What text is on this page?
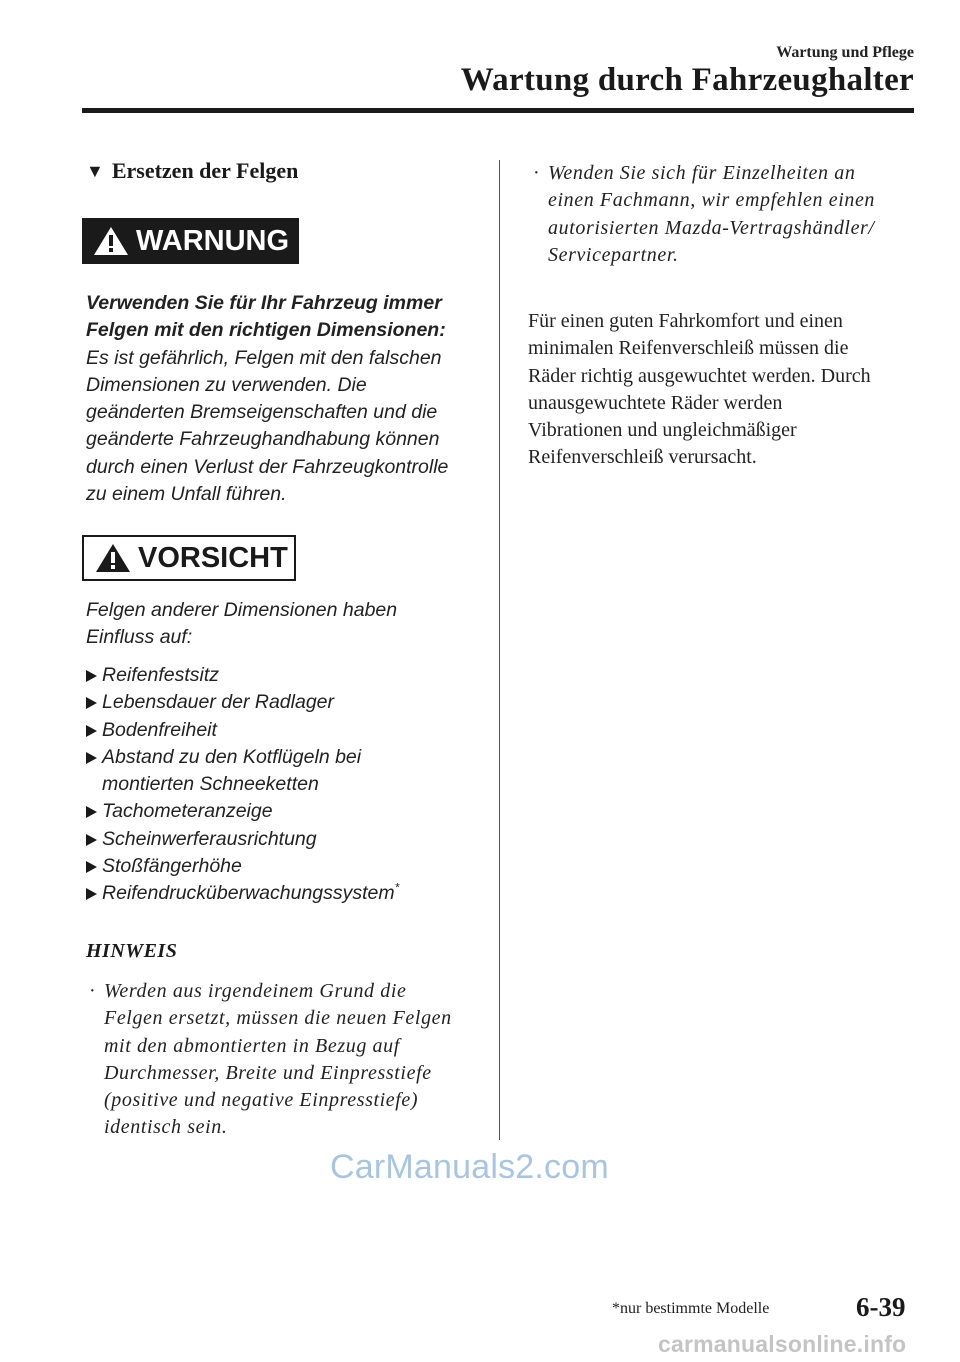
Wartung und Pflege
Wartung durch Fahrzeughalter
▼ Ersetzen der Felgen
WARNUNG
Verwenden Sie für Ihr Fahrzeug immer
Felgen mit den richtigen Dimensionen:
Es ist gefährlich, Felgen mit den falschen
Dimensionen zu verwenden. Die
geänderten Bremseigenschaften und die
geänderte Fahrzeughandhabung können
durch einen Verlust der Fahrzeugkontrolle
zu einem Unfall führen.
VORSICHT
Felgen anderer Dimensionen haben
Einfluss auf:
Reifenfestsitz
Lebensdauer der Radlager
Bodenfreiheit
Abstand zu den Kotflügeln bei
montierten Schneeketten
Tachometeranzeige
Scheinwerferausrichtung
Stoßfängerhöhe
Reifendrucküberwachungssystem*
HINWEIS
· Werden aus irgendeinem Grund die
Felgen ersetzt, müssen die neuen Felgen
mit den abmontierten in Bezug auf
Durchmesser, Breite und Einpresstiefe
(positive und negative Einpresstiefe)
identisch sein.
· Wenden Sie sich für Einzelheiten an
einen Fachmann, wir empfehlen einen
autorisierten Mazda-Vertragshändler/
Servicepartner.
Für einen guten Fahrkomfort und einen
minimalen Reifenverschleiß müssen die
Räder richtig ausgewuchtet werden. Durch
unausgewuchtete Räder werden
Vibrationen und ungleichmäßiger
Reifenverschleiß verursacht.
CarManuals2.com
*nur bestimmte Modelle	6-39
carmanualsonline.info
